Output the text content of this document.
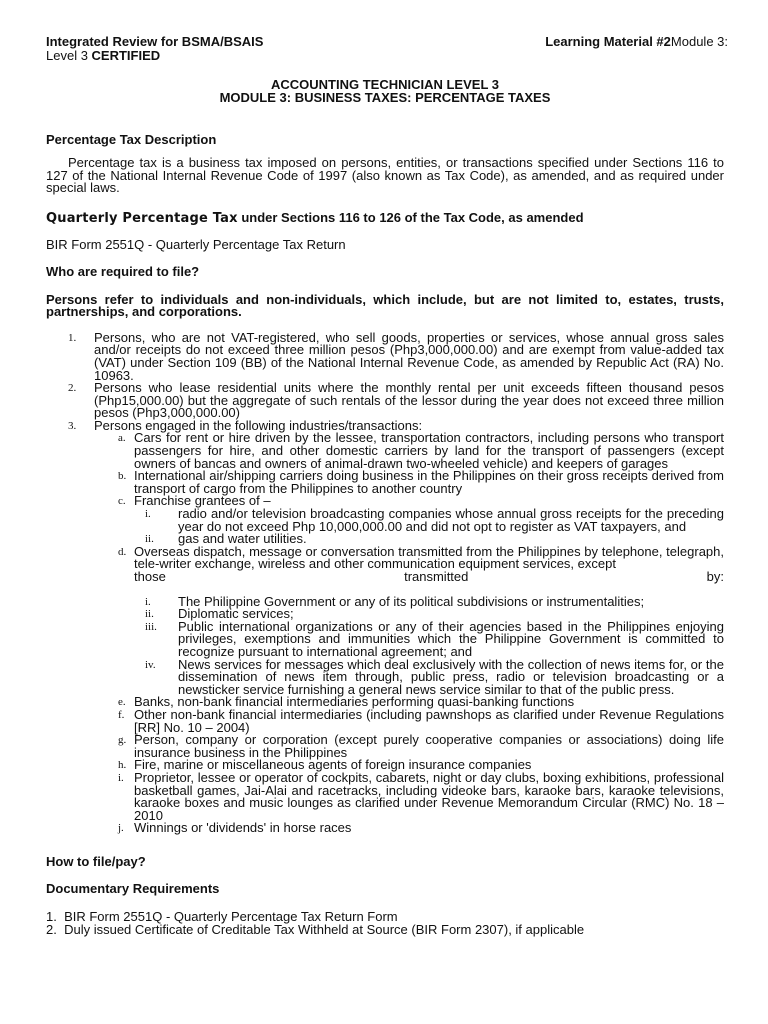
Integrated Review for BSMA/BSAIS	Learning Material #2Module 3:
Level 3 CERTIFIED
ACCOUNTING TECHNICIAN LEVEL 3
MODULE 3: BUSINESS TAXES: PERCENTAGE TAXES

Percentage Tax Description

Percentage tax is a business tax imposed on persons, entities, or transactions specified under Sections 116 to 127 of the National Internal Revenue Code of 1997 (also known as Tax Code), as amended, and as required under special laws.

Quarterly Percentage Tax under Sections 116 to 126 of the Tax Code, as amended

BIR Form 2551Q - Quarterly Percentage Tax Return

Who are required to file?

Persons refer to individuals and non-individuals, which include, but are not limited to, estates, trusts, partnerships, and corporations.

1. Persons, who are not VAT-registered, who sell goods, properties or services, whose annual gross sales and/or receipts do not exceed three million pesos (Php3,000,000.00) and are exempt from value-added tax (VAT) under Section 109 (BB) of the National Internal Revenue Code, as amended by Republic Act (RA) No. 10963.
2. Persons who lease residential units where the monthly rental per unit exceeds fifteen thousand pesos (Php15,000.00) but the aggregate of such rentals of the lessor during the year does not exceed three million pesos (Php3,000,000.00)
3. Persons engaged in the following industries/transactions:
a. Cars for rent or hire driven by the lessee, transportation contractors, including persons who transport passengers for hire, and other domestic carriers by land for the transport of passengers (except owners of bancas and owners of animal-drawn two-wheeled vehicle) and keepers of garages
b. International air/shipping carriers doing business in the Philippines on their gross receipts derived from transport of cargo from the Philippines to another country
c. Franchise grantees of –
i. radio and/or television broadcasting companies whose annual gross receipts for the preceding year do not exceed Php 10,000,000.00 and did not opt to register as VAT taxpayers, and
ii. gas and water utilities.
d. Overseas dispatch, message or conversation transmitted from the Philippines by telephone, telegraph, tele-writer exchange, wireless and other communication equipment services, except
those	transmitted	by:
i. The Philippine Government or any of its political subdivisions or instrumentalities;
ii. Diplomatic services;
iii. Public international organizations or any of their agencies based in the Philippines enjoying privileges, exemptions and immunities which the Philippine Government is committed to recognize pursuant to international agreement; and
iv. News services for messages which deal exclusively with the collection of news items for, or the dissemination of news item through, public press, radio or television broadcasting or a newsticker service furnishing a general news service similar to that of the public press.
e. Banks, non-bank financial intermediaries performing quasi-banking functions
f. Other non-bank financial intermediaries (including pawnshops as clarified under Revenue Regulations [RR] No. 10 – 2004)
g. Person, company or corporation (except purely cooperative companies or associations) doing life insurance business in the Philippines
h. Fire, marine or miscellaneous agents of foreign insurance companies
i. Proprietor, lessee or operator of cockpits, cabarets, night or day clubs, boxing exhibitions, professional basketball games, Jai-Alai and racetracks, including videoke bars, karaoke bars, karaoke televisions, karaoke boxes and music lounges as clarified under Revenue Memorandum Circular (RMC) No. 18 – 2010
j. Winnings or 'dividends' in horse races

How to file/pay?

Documentary Requirements

1. BIR Form 2551Q - Quarterly Percentage Tax Return Form
2. Duly issued Certificate of Creditable Tax Withheld at Source (BIR Form 2307), if applicable
